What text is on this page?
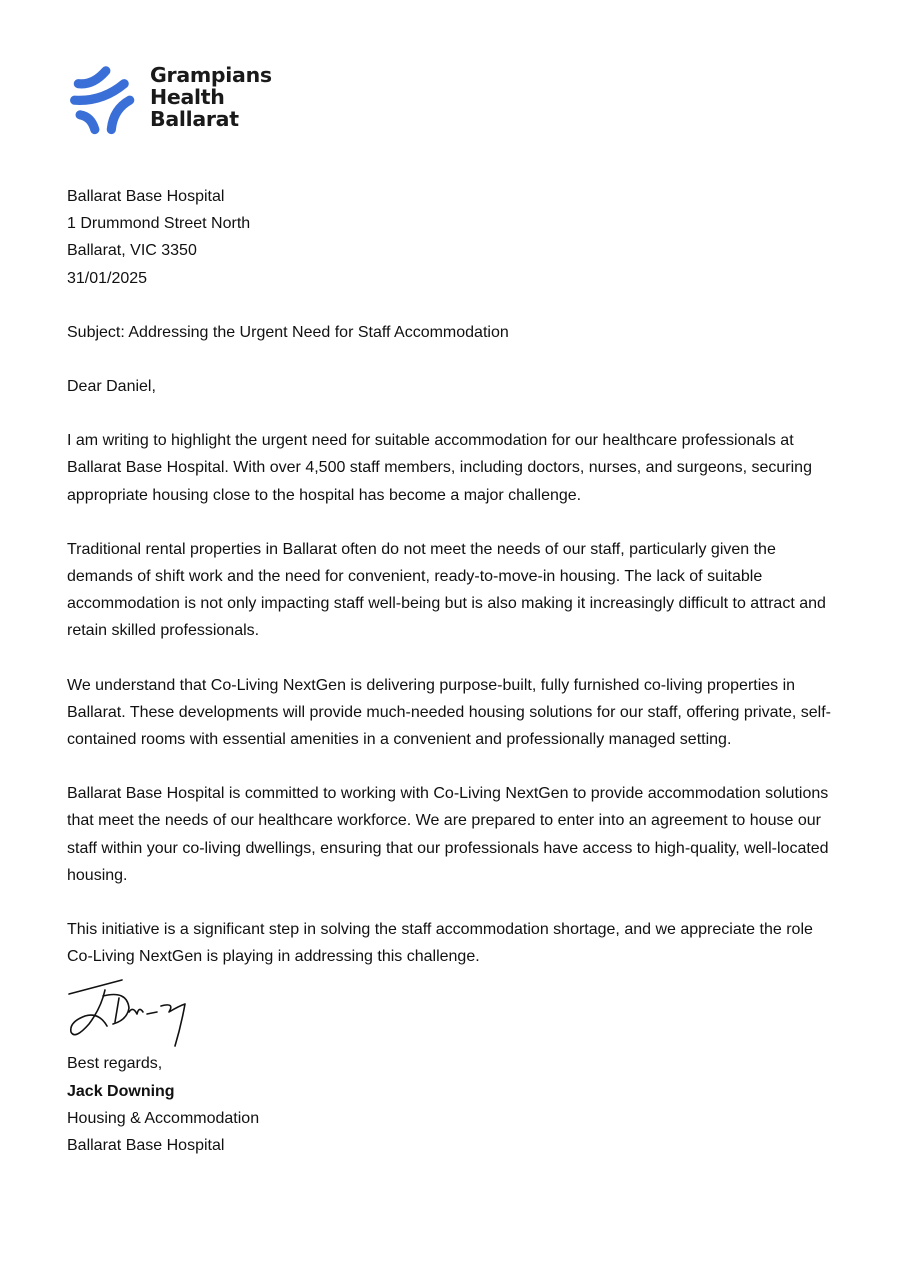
Grampians
Health
Ballarat

Ballarat Base Hospital

1 Drummond Street North

Ballarat, VIC 3350

31/01/2025

Subject: Addressing the Urgent Need for Staff Accommodation

Dear Daniel,

I am writing to highlight the urgent need for suitable accommodation for our healthcare professionals at Ballarat Base Hospital. With over 4,500 staff members, including doctors, nurses, and surgeons, securing appropriate housing close to the hospital has become a major challenge.

Traditional rental properties in Ballarat often do not meet the needs of our staff, particularly given the demands of shift work and the need for convenient, ready-to-move-in housing. The lack of suitable accommodation is not only impacting staff well-being but is also making it increasingly difficult to attract and retain skilled professionals.

We understand that Co-Living NextGen is delivering purpose-built, fully furnished co-living properties in Ballarat. These developments will provide much-needed housing solutions for our staff, offering private, self-contained rooms with essential amenities in a convenient and professionally managed setting.

Ballarat Base Hospital is committed to working with Co-Living NextGen to provide accommodation solutions that meet the needs of our healthcare workforce. We are prepared to enter into an agreement to house our staff within your co-living dwellings, ensuring that our professionals have access to high-quality, well-located housing.

This initiative is a significant step in solving the staff accommodation shortage, and we appreciate the role Co-Living NextGen is playing in addressing this challenge.

Best regards,

Jack Downing

Housing & Accommodation

Ballarat Base Hospital
